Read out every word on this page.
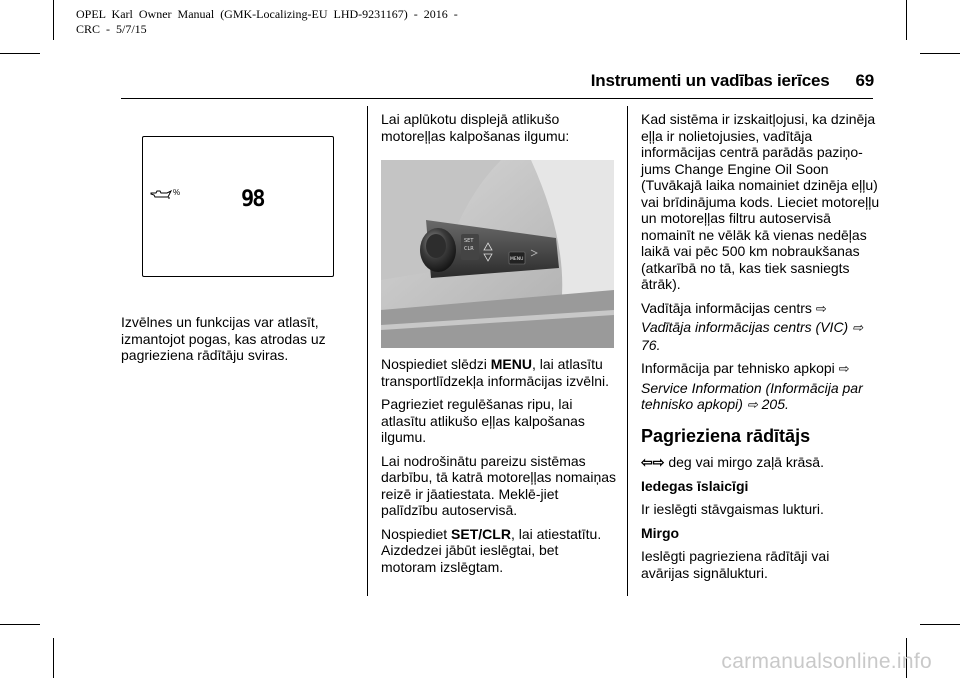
OPEL  Karl  Owner  Manual  (GMK-Localizing-EU  LHD-9231167)  -  2016  -
CRC  -  5/7/15
Instrumenti un vadības ierīces 69
%	98

Izvēlnes un funkcijas var atlasīt, izmantojot pogas, kas atrodas uz pagrieziena rādītāju sviras.

Lai aplūkotu displejā atlikušo motoreļļas kalpošanas ilgumu:

SET
CLR
MENU

Nospiediet slēdzi MENU, lai atlasītu transportlīdzekļa informācijas izvēlni.

Pagrieziet regulēšanas ripu, lai atlasītu atlikušo eļļas kalpošanas ilgumu.

Lai nodrošinātu pareizu sistēmas darbību, tā katrā motoreļļas nomaiņas reizē ir jāatiestata. Meklē-jiet palīdzību autoservisā.

Nospiediet SET/CLR, lai atiestatītu. Aizdedzei jābūt ieslēgtai, bet motoram izslēgtam.

Kad sistēma ir izskaitļojusi, ka dzinēja eļļa ir nolietojusies, vadītāja informācijas centrā parādās paziņo-jums Change Engine Oil Soon (Tuvākajā laika nomainiet dzinēja eļļu) vai brīdinājuma kods. Lieciet motoreļļu un motoreļļas filtru autoservisā nomainīt ne vēlāk kā vienas nedēļas laikā vai pēc 500 km nobraukšanas (atkarībā no tā, kas tiek sasniegts ātrāk).

Vadītāja informācijas centrs ⇨

Vadītāja informācijas centrs (VIC) ⇨ 76.

Informācija par tehnisko apkopi ⇨

Service Information (Informācija par tehnisko apkopi) ⇨ 205.

Pagrieziena rādītājs

⇦⇨ deg vai mirgo zaļā krāsā.

Iedegas īslaicīgi

Ir ieslēgti stāvgaismas lukturi.

Mirgo

Ieslēgti pagrieziena rādītāji vai avārijas signālukturi.

carmanualsonline.info
